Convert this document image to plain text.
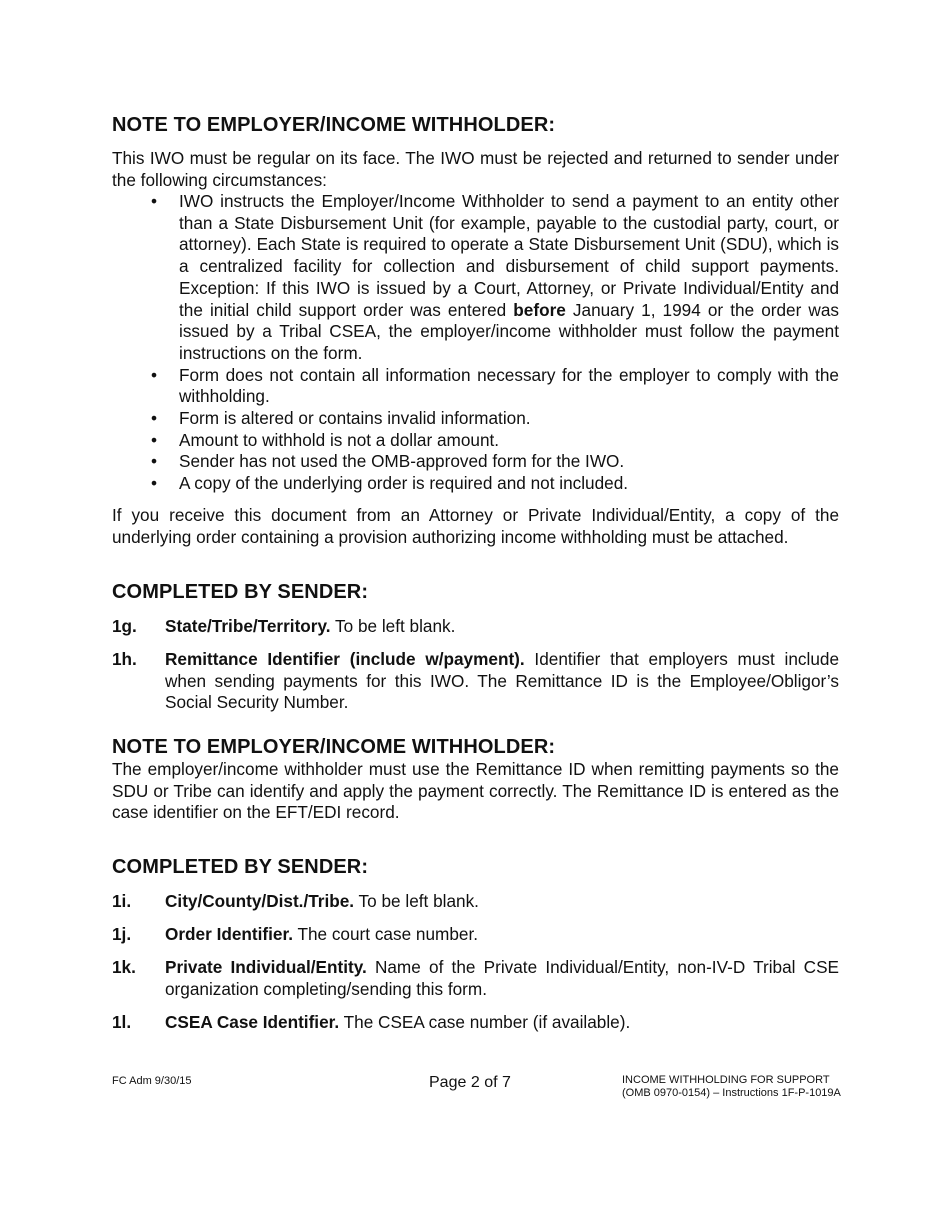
NOTE TO EMPLOYER/INCOME WITHHOLDER:
This IWO must be regular on its face. The IWO must be rejected and returned to sender under the following circumstances:
• IWO instructs the Employer/Income Withholder to send a payment to an entity other than a State Disbursement Unit (for example, payable to the custodial party, court, or attorney). Each State is required to operate a State Disbursement Unit (SDU), which is a centralized facility for collection and disbursement of child support payments. Exception: If this IWO is issued by a Court, Attorney, or Private Individual/Entity and the initial child support order was entered before January 1, 1994 or the order was issued by a Tribal CSEA, the employer/income withholder must follow the payment instructions on the form.
• Form does not contain all information necessary for the employer to comply with the withholding.
• Form is altered or contains invalid information.
• Amount to withhold is not a dollar amount.
• Sender has not used the OMB-approved form for the IWO.
• A copy of the underlying order is required and not included.
If you receive this document from an Attorney or Private Individual/Entity, a copy of the underlying order containing a provision authorizing income withholding must be attached.
COMPLETED BY SENDER:
1g. State/Tribe/Territory. To be left blank.
1h. Remittance Identifier (include w/payment). Identifier that employers must include when sending payments for this IWO. The Remittance ID is the Employee/Obligor’s Social Security Number.
NOTE TO EMPLOYER/INCOME WITHHOLDER:
The employer/income withholder must use the Remittance ID when remitting payments so the SDU or Tribe can identify and apply the payment correctly. The Remittance ID is entered as the case identifier on the EFT/EDI record.
COMPLETED BY SENDER:
1i. City/County/Dist./Tribe. To be left blank.
1j. Order Identifier. The court case number.
1k. Private Individual/Entity. Name of the Private Individual/Entity, non-IV-D Tribal CSE organization completing/sending this form.
1l. CSEA Case Identifier. The CSEA case number (if available).
FC Adm 9/30/15	Page 2 of 7	INCOME WITHHOLDING FOR SUPPORT
(OMB 0970-0154) – Instructions 1F-P-1019A
